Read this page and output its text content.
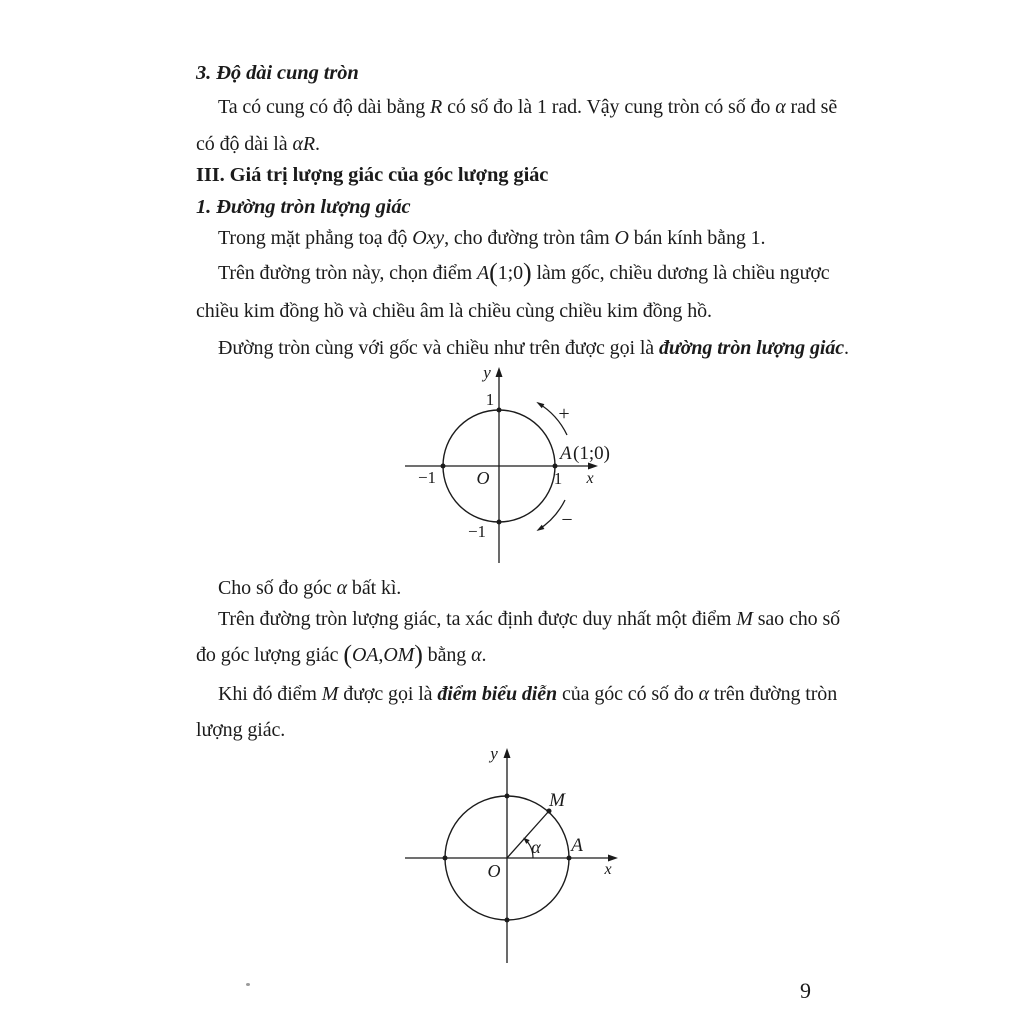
3. Độ dài cung tròn
Ta có cung có độ dài bằng R có số đo là 1 rad. Vậy cung tròn có số đo α rad sẽ
có độ dài là αR.
III. Giá trị lượng giác của góc lượng giác
1. Đường tròn lượng giác
Trong mặt phẳng toạ độ Oxy, cho đường tròn tâm O bán kính bằng 1.
Trên đường tròn này, chọn điểm A(1;0) làm gốc, chiều dương là chiều ngược
chiều kim đồng hồ và chiều âm là chiều cùng chiều kim đồng hồ.
Đường tròn cùng với gốc và chiều như trên được gọi là đường tròn lượng giác.
y
1
−1 O	1 x
−1
A (1;0)
+
−
Cho số đo góc α bất kì.
Trên đường tròn lượng giác, ta xác định được duy nhất một điểm M sao cho số
đo góc lượng giác (OA,OM) bằng α.
Khi đó điểm M được gọi là điểm biểu diễn của góc có số đo α trên đường tròn
lượng giác.
y
M
A
α
O	x
9
